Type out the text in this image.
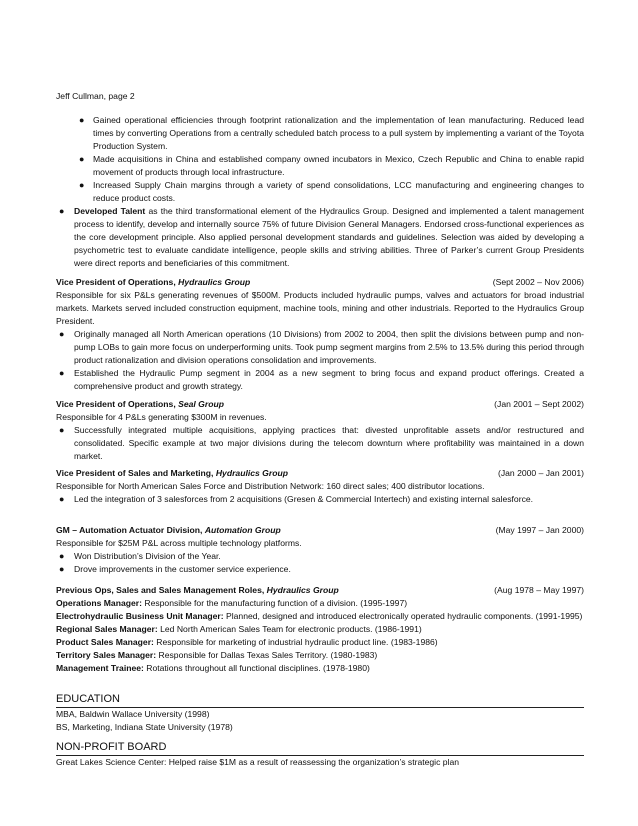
Jeff Cullman, page 2
● Gained operational efficiencies through footprint rationalization and the implementation of lean manufacturing. Reduced lead times by converting Operations from a centrally scheduled batch process to a pull system by implementing a variant of the Toyota Production System.
● Made acquisitions in China and established company owned incubators in Mexico, Czech Republic and China to enable rapid movement of products through local infrastructure.
● Increased Supply Chain margins through a variety of spend consolidations, LCC manufacturing and engineering changes to reduce product costs.
● Developed Talent as the third transformational element of the Hydraulics Group. Designed and implemented a talent management process to identify, develop and internally source 75% of future Division General Managers. Endorsed cross-functional experiences as the core development principle. Also applied personal development standards and guidelines. Selection was aided by developing a psychometric test to evaluate candidate intelligence, people skills and striving abilities. Three of Parker’s current Group Presidents were direct reports and beneficiaries of this commitment.
Vice President of Operations, Hydraulics Group	(Sept 2002 – Nov 2006)
Responsible for six P&Ls generating revenues of $500M. Products included hydraulic pumps, valves and actuators for broad industrial markets. Markets served included construction equipment, machine tools, mining and other industrials. Reported to the Hydraulics Group President.
● Originally managed all North American operations (10 Divisions) from 2002 to 2004, then split the divisions between pump and non-pump LOBs to gain more focus on underperforming units. Took pump segment margins from 2.5% to 13.5% during this period through product rationalization and division operations consolidation and improvements.
● Established the Hydraulic Pump segment in 2004 as a new segment to bring focus and expand product offerings. Created a comprehensive product and growth strategy.
Vice President of Operations, Seal Group	(Jan 2001 – Sept 2002)
Responsible for 4 P&Ls generating $300M in revenues.
● Successfully integrated multiple acquisitions, applying practices that: divested unprofitable assets and/or restructured and consolidated. Specific example at two major divisions during the telecom downturn where profitability was maintained in a down market.
Vice President of Sales and Marketing, Hydraulics Group	(Jan 2000 – Jan 2001)
Responsible for North American Sales Force and Distribution Network: 160 direct sales; 400 distributor locations.
● Led the integration of 3 salesforces from 2 acquisitions (Gresen & Commercial Intertech) and existing internal salesforce.
GM – Automation Actuator Division, Automation Group	(May 1997 – Jan 2000)
Responsible for $25M P&L across multiple technology platforms.
● Won Distribution’s Division of the Year.
● Drove improvements in the customer service experience.
Previous Ops, Sales and Sales Management Roles, Hydraulics Group	(Aug 1978 – May 1997)
Operations Manager: Responsible for the manufacturing function of a division. (1995-1997)
Electrohydraulic Business Unit Manager: Planned, designed and introduced electronically operated hydraulic components. (1991-1995)
Regional Sales Manager: Led North American Sales Team for electronic products. (1986-1991)
Product Sales Manager: Responsible for marketing of industrial hydraulic product line. (1983-1986)
Territory Sales Manager: Responsible for Dallas Texas Sales Territory. (1980-1983)
Management Trainee: Rotations throughout all functional disciplines. (1978-1980)
EDUCATION
MBA, Baldwin Wallace University (1998)
BS, Marketing, Indiana State University (1978)
NON-PROFIT BOARD
Great Lakes Science Center: Helped raise $1M as a result of reassessing the organization’s strategic plan
